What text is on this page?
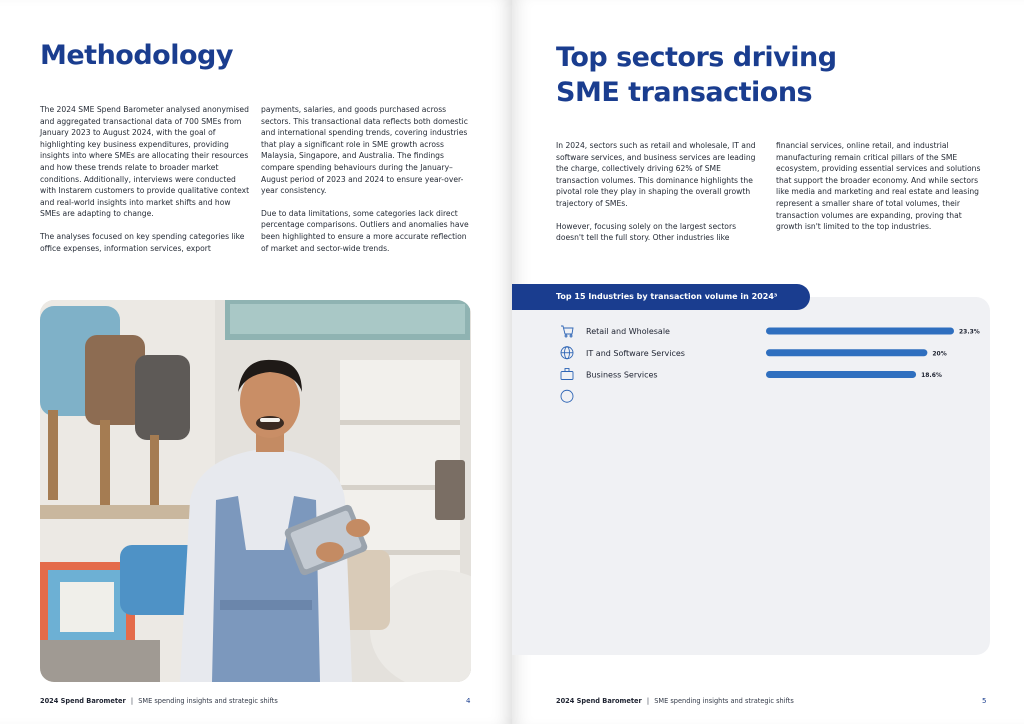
Methodology

The 2024 SME Spend Barometer analysed anonymised and aggregated transactional data of 700 SMEs from January 2023 to August 2024, with the goal of highlighting key business expenditures, providing insights into where SMEs are allocating their resources and how these trends relate to broader market conditions. Additionally, interviews were conducted with Instarem customers to provide qualitative context and real-world insights into market shifts and how SMEs are adapting to change.

The analyses focused on key spending categories like office expenses, information services, export

payments, salaries, and goods purchased across sectors. This transactional data reflects both domestic and international spending trends, covering industries that play a significant role in SME growth across Malaysia, Singapore, and Australia. The findings compare spending behaviours during the January–August period of 2023 and 2024 to ensure year-over-year consistency.

Due to data limitations, some categories lack direct percentage comparisons. Outliers and anomalies have been highlighted to ensure a more accurate reflection of market and sector-wide trends.

2024 Spend Barometer | SME spending insights and strategic shifts	4
Top sectors driving SME transactions

In 2024, sectors such as retail and wholesale, IT and software services, and business services are leading the charge, collectively driving 62% of SME transaction volumes. This dominance highlights the pivotal role they play in shaping the overall growth trajectory of SMEs.

However, focusing solely on the largest sectors doesn't tell the full story. Other industries like

financial services, online retail, and industrial manufacturing remain critical pillars of the SME ecosystem, providing essential services and solutions that support the broader economy. And while sectors like media and marketing and real estate and leasing represent a smaller share of total volumes, their transaction volumes are expanding, proving that growth isn't limited to the top industries.

Top 15 Industries by transaction volume in 2024³
Retail and Wholesale	23.3%
IT and Software Services	20%
Business Services	18.6%
2024 Spend Barometer | SME spending insights and strategic shifts	5
